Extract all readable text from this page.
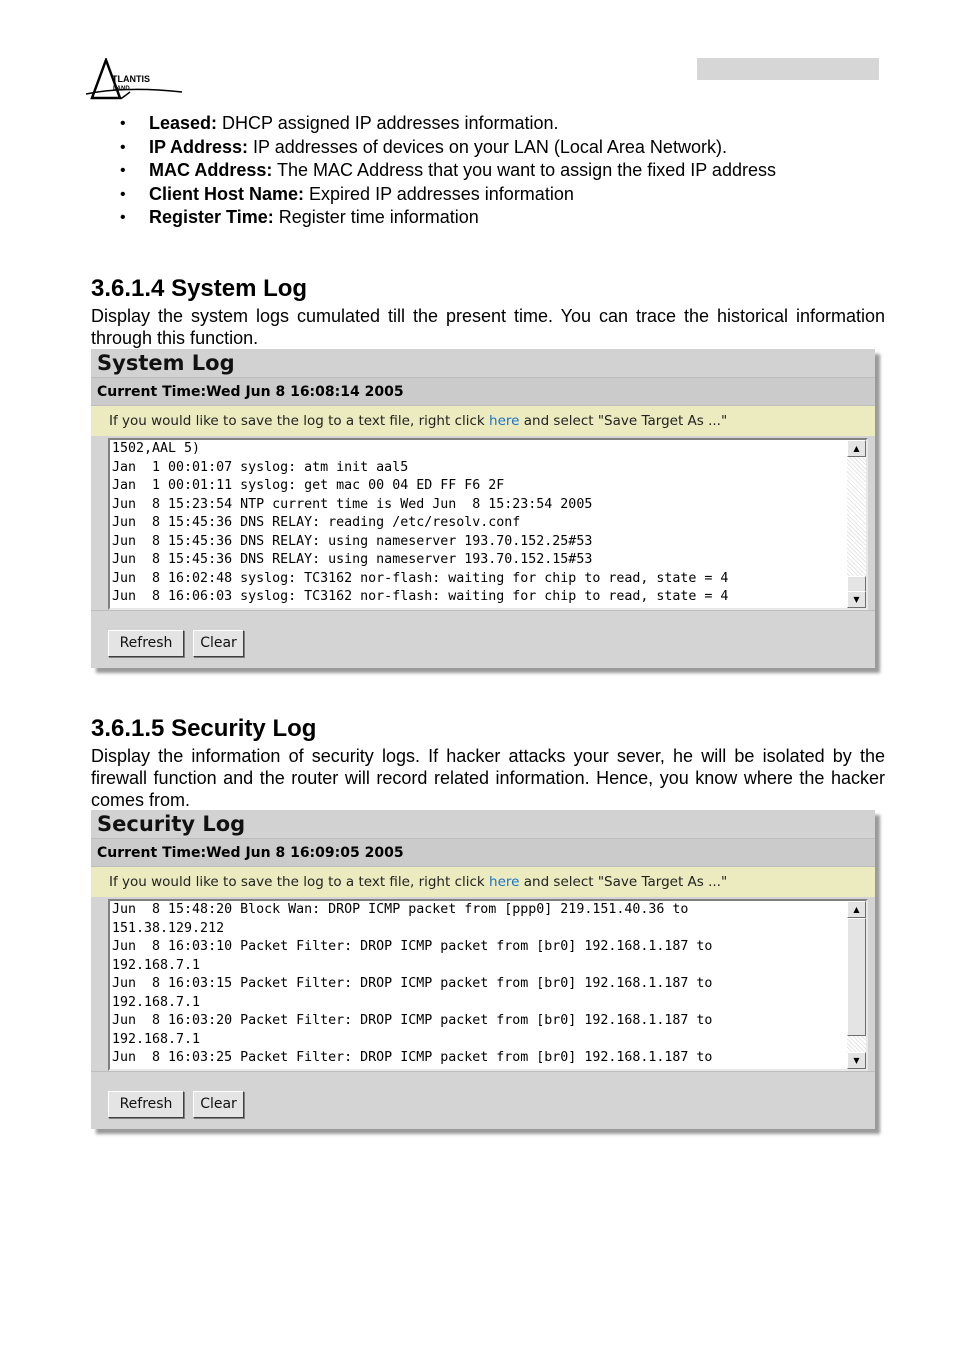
TLANTIS
LAND
• Leased: DHCP assigned IP addresses information.
• IP Address: IP addresses of devices on your LAN (Local Area Network).
• MAC Address: The MAC Address that you want to assign the fixed IP address
• Client Host Name: Expired IP addresses information
• Register Time: Register time information
3.6.1.4 System Log

Display the system logs cumulated till the present time. You can trace the historical information through this function.

System Log
Current Time:Wed Jun 8 16:08:14 2005
If you would like to save the log to a text file, right click here and select "Save Target As ..."
1502,AAL 5)
Jan  1 00:01:07 syslog: atm init aal5
Jan  1 00:01:11 syslog: get mac 00 04 ED FF F6 2F
Jun  8 15:23:54 NTP current time is Wed Jun  8 15:23:54 2005
Jun  8 15:45:36 DNS RELAY: reading /etc/resolv.conf
Jun  8 15:45:36 DNS RELAY: using nameserver 193.70.152.25#53
Jun  8 15:45:36 DNS RELAY: using nameserver 193.70.152.15#53
Jun  8 16:02:48 syslog: TC3162 nor-flash: waiting for chip to read, state = 4
Jun  8 16:06:03 syslog: TC3162 nor-flash: waiting for chip to read, state = 4
▲
▼
Refresh	Clear
3.6.1.5 Security Log

Display the information of security logs. If hacker attacks your sever, he will be isolated by the firewall function and the router will record related information. Hence, you know where the hacker comes from.

Security Log
Current Time:Wed Jun 8 16:09:05 2005
If you would like to save the log to a text file, right click here and select "Save Target As ..."
Jun  8 15:48:20 Block Wan: DROP ICMP packet from [ppp0] 219.151.40.36 to
151.38.129.212
Jun  8 16:03:10 Packet Filter: DROP ICMP packet from [br0] 192.168.1.187 to
192.168.7.1
Jun  8 16:03:15 Packet Filter: DROP ICMP packet from [br0] 192.168.1.187 to
192.168.7.1
Jun  8 16:03:20 Packet Filter: DROP ICMP packet from [br0] 192.168.1.187 to
192.168.7.1
Jun  8 16:03:25 Packet Filter: DROP ICMP packet from [br0] 192.168.1.187 to
▲
▼
Refresh	Clear
